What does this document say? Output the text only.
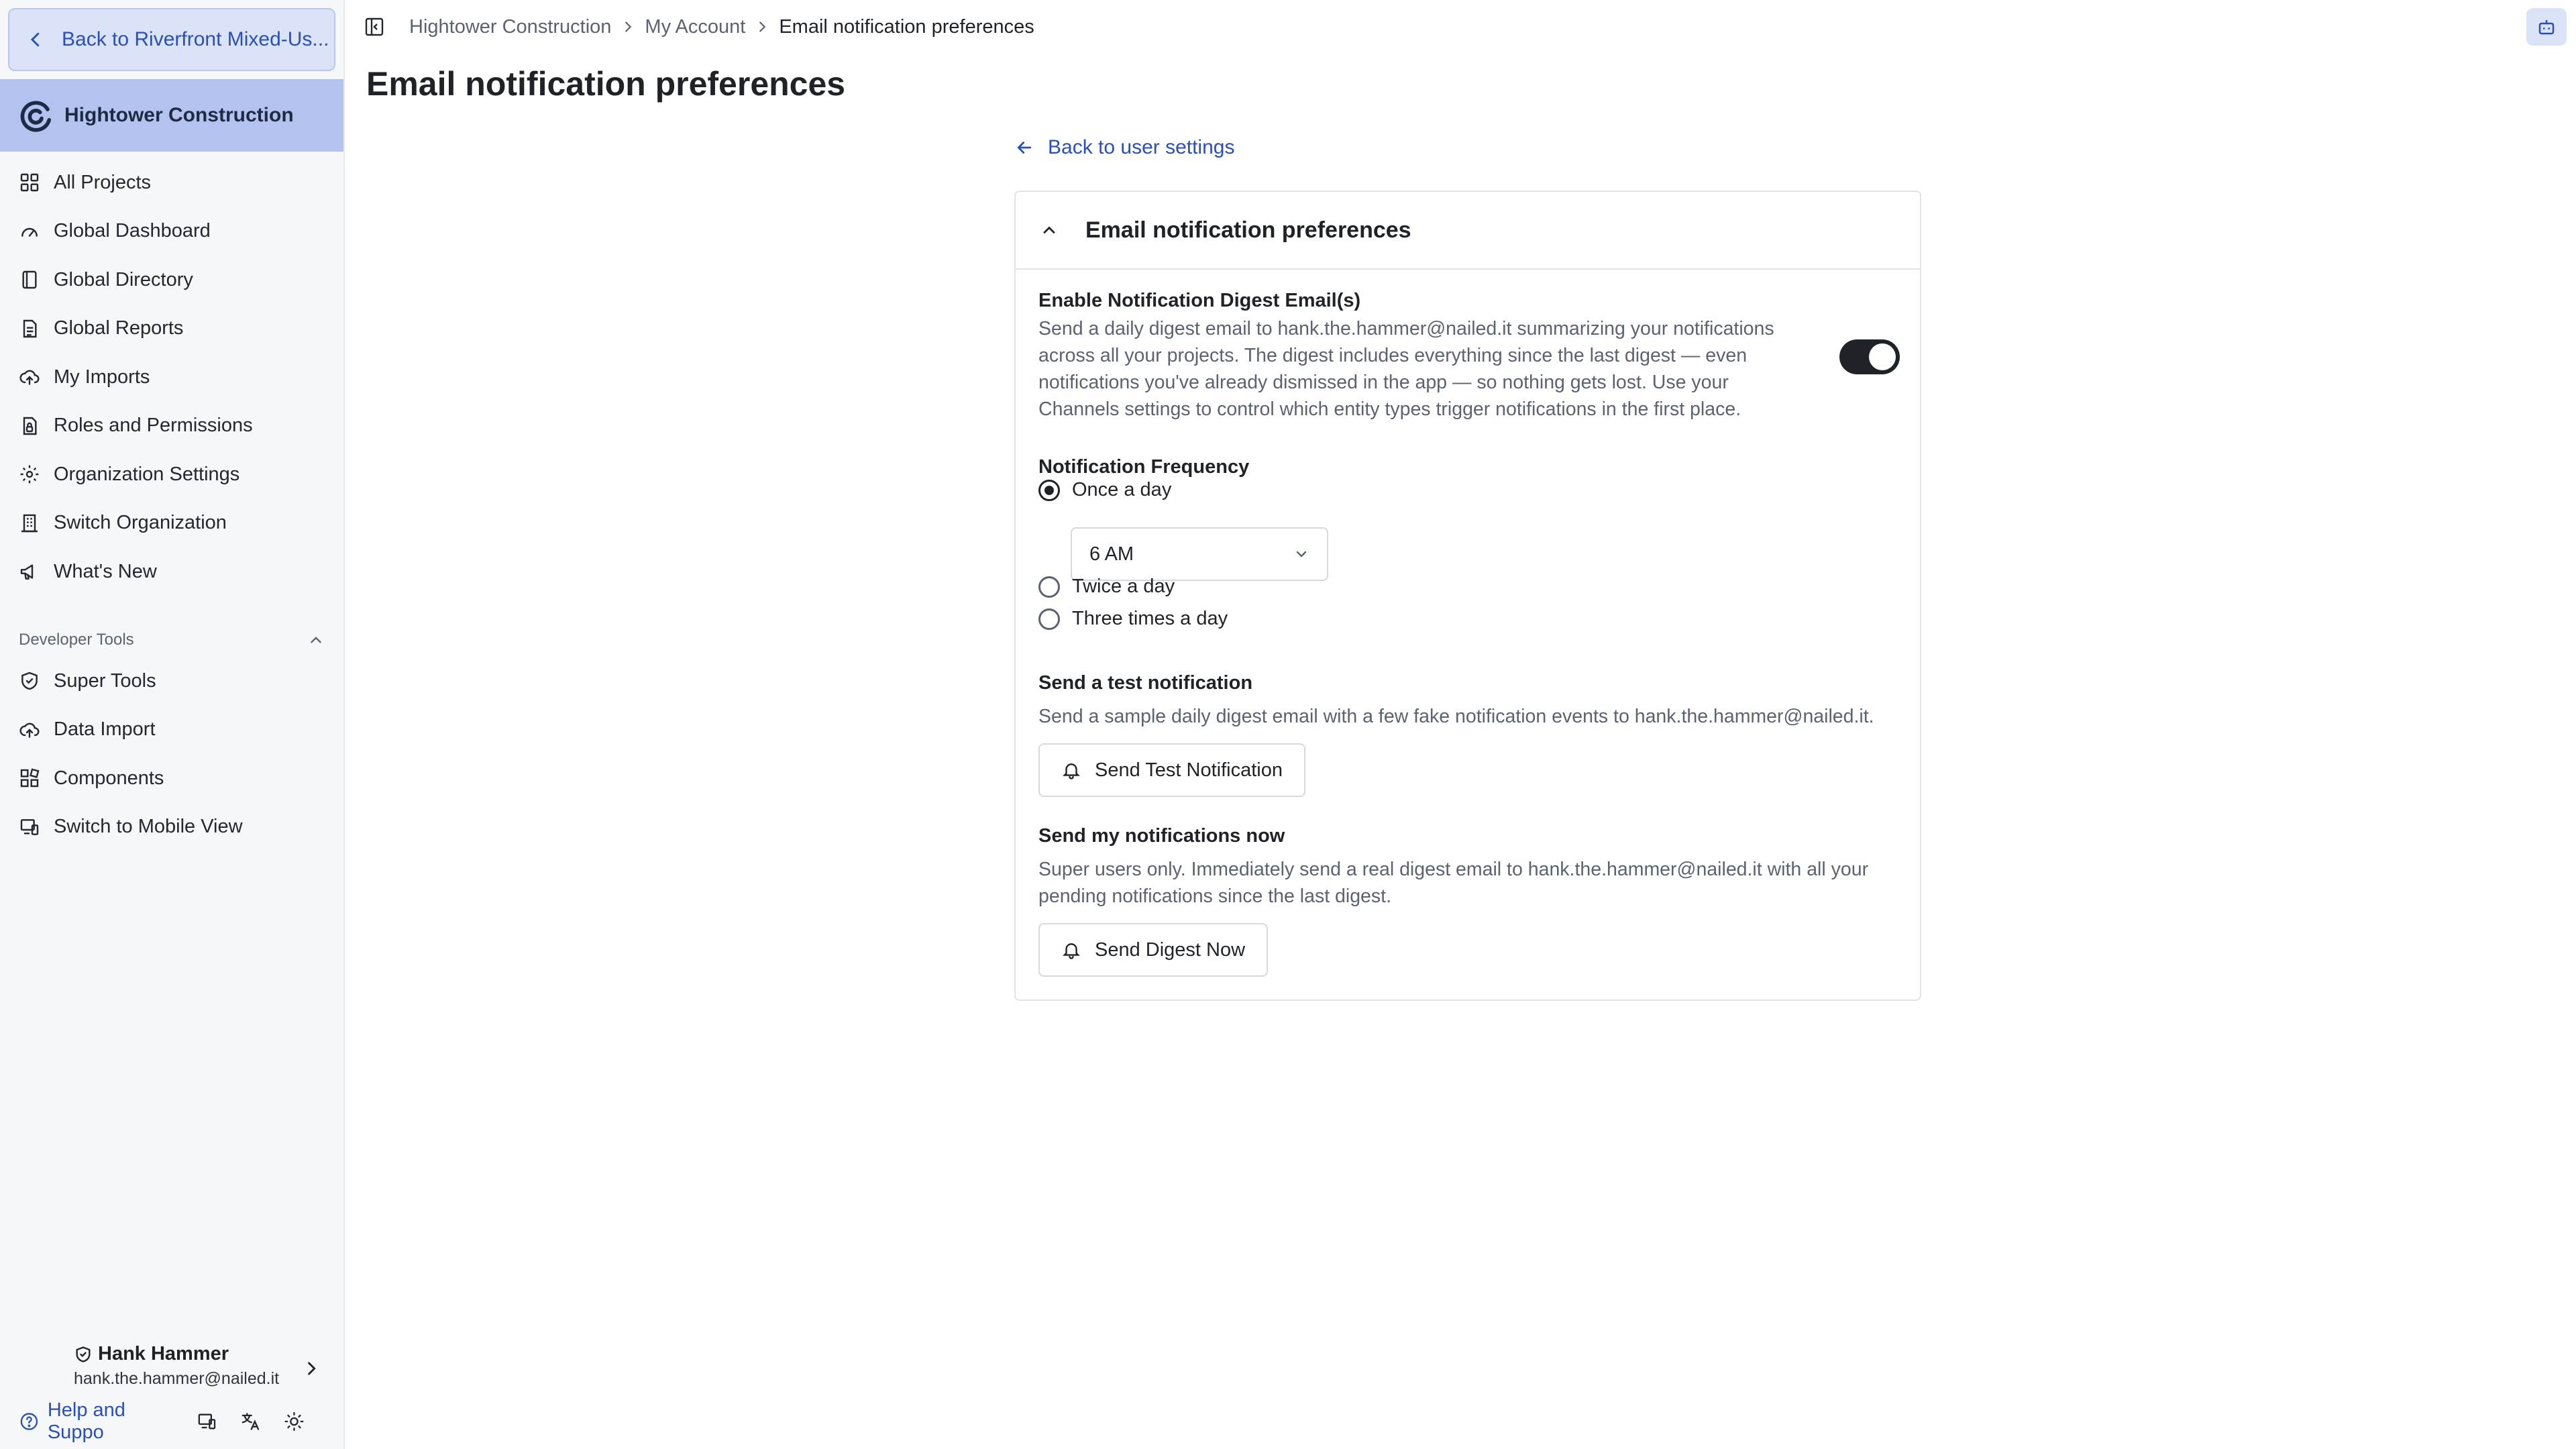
Back to Riverfront Mixed-Us...
Hightower Construction
All Projects
Global Dashboard
Global Directory
Global Reports
My Imports
Roles and Permissions
Organization Settings
Switch Organization
What's New
Developer Tools
Super Tools
Data Import
Components
Switch to Mobile View
Hank Hammer
hank.the.hammer@nailed.it
Help and Suppo
Hightower Construction My Account Email notification preferences
Email notification preferences
Back to user settings
Email notification preferences
Enable Notification Digest Email(s)
Send a daily digest email to hank.the.hammer@nailed.it summarizing your notifications
across all your projects. The digest includes everything since the last digest — even
notifications you've already dismissed in the app — so nothing gets lost. Use your
Channels settings to control which entity types trigger notifications in the first place.
Notification Frequency
Once a day
6 AM
Twice a day
Three times a day
Send a test notification
Send a sample daily digest email with a few fake notification events to hank.the.hammer@nailed.it.
Send Test Notification
Send my notifications now
Super users only. Immediately send a real digest email to hank.the.hammer@nailed.it with all your
pending notifications since the last digest.
Send Digest Now
